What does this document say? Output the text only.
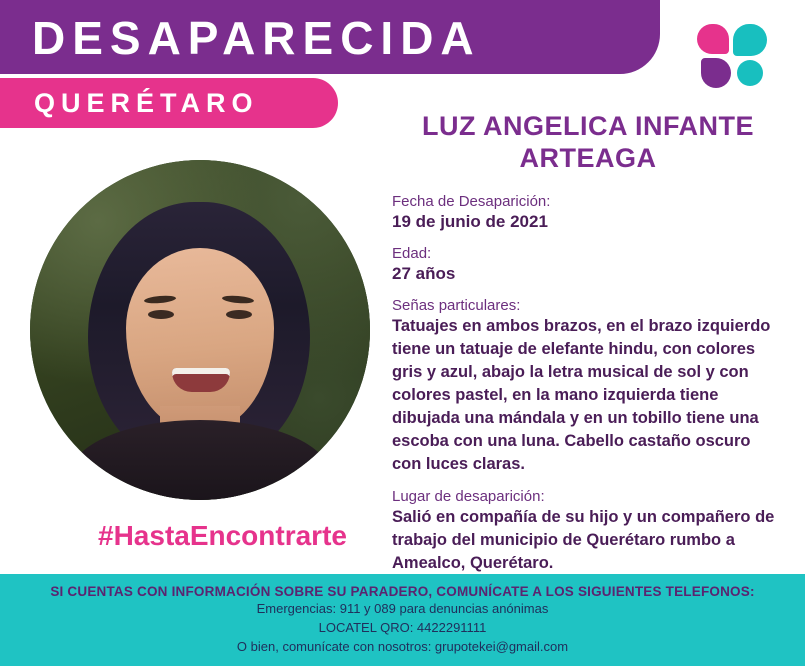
DESAPARECIDA
QUERÉTARO
#HastaEncontrarte
LUZ ANGELICA INFANTE ARTEAGA
Fecha de Desaparición:
19 de junio de 2021
Edad:
27 años
Señas particulares:
Tatuajes en ambos brazos, en el brazo izquierdo tiene un tatuaje de elefante hindu, con colores gris y azul, abajo la letra musical de sol y con colores pastel, en la mano izquierda tiene dibujada una mándala y en un tobillo tiene una escoba con una luna. Cabello castaño oscuro con luces claras.
Lugar de desaparición:
Salió en compañía de su hijo y un compañero de trabajo del municipio de Querétaro rumbo a Amealco, Querétaro.
SI CUENTAS CON INFORMACIÓN SOBRE SU PARADERO, COMUNÍCATE A LOS SIGUIENTES TELEFONOS:
Emergencias: 911 y 089 para denuncias anónimas
LOCATEL QRO: 4422291111
O bien, comunícate con nosotros: grupotekei@gmail.com
